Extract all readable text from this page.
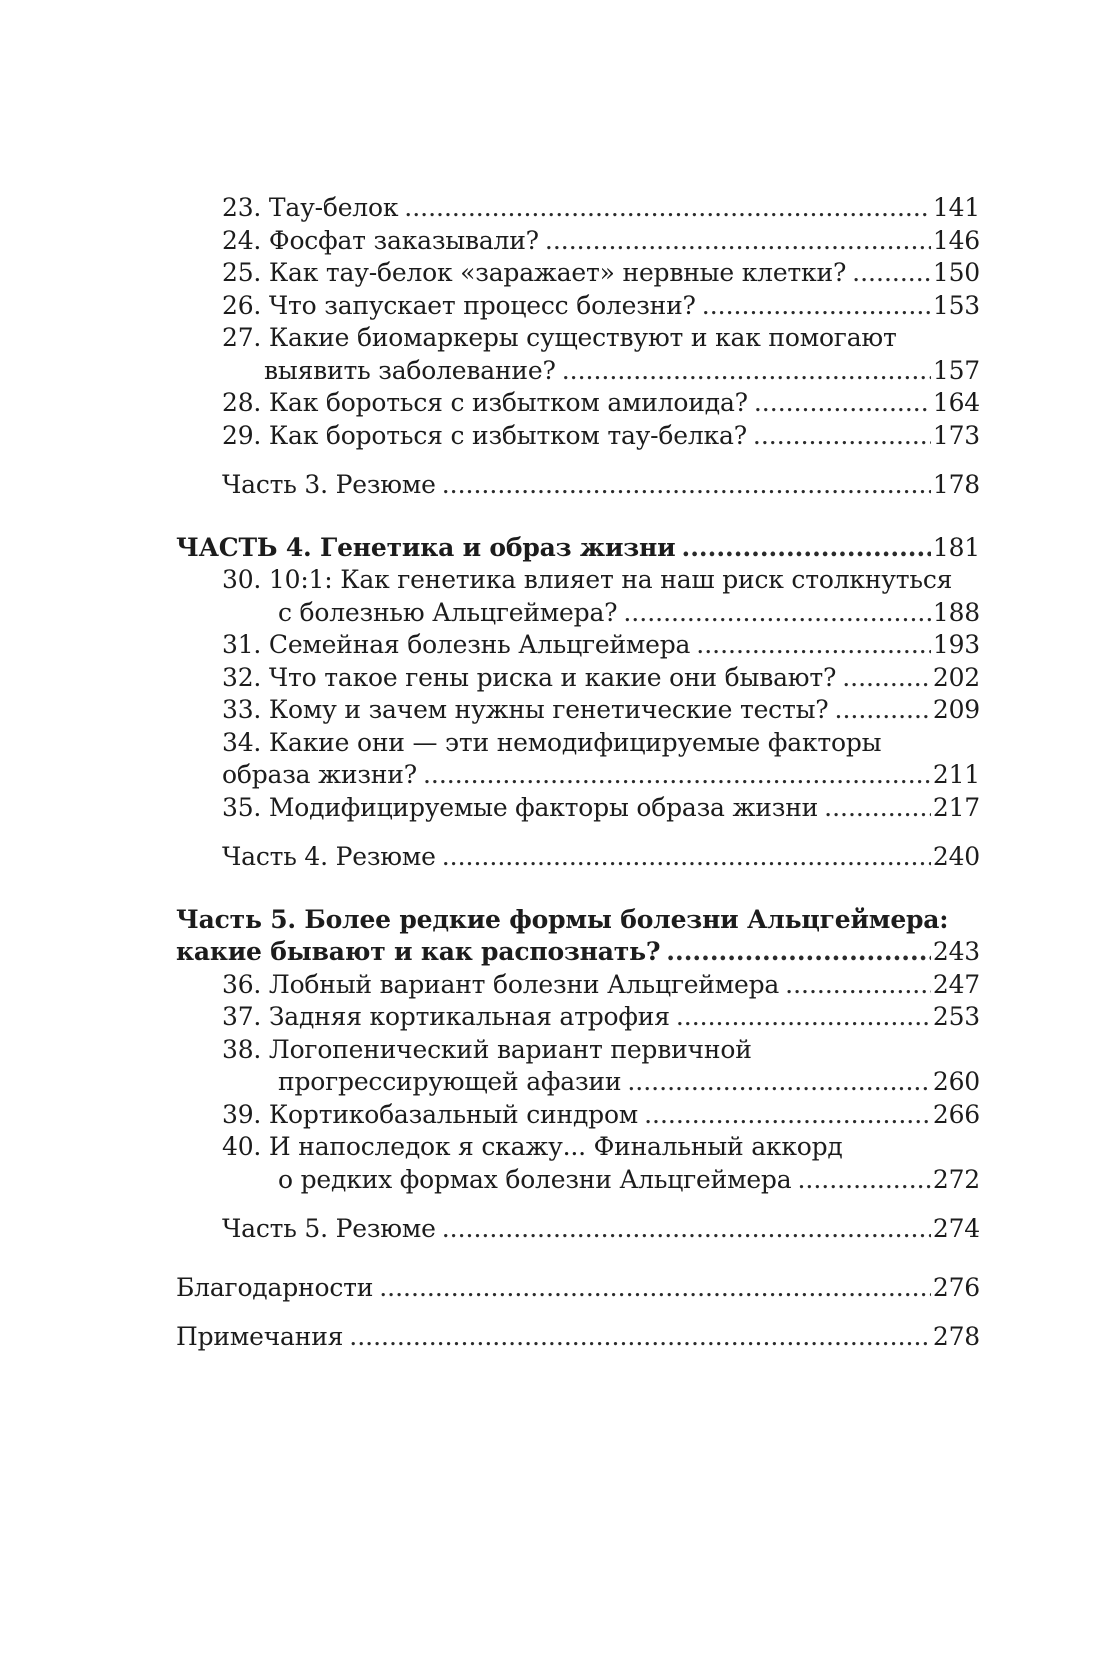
23. Тау-белок .....	141
24. Фосфат заказывали? .....	146
25. Как тау-белок «заражает» нервные клетки? .....	150
26. Что запускает процесс болезни? .....	153
27. Какие биомаркеры существуют и как помогают
выявить заболевание? .....	157
28. Как бороться с избытком амилоида? .....	164
29. Как бороться с избытком тау-белка? .....	173
Часть 3. Резюме .....	178
ЧАСТЬ 4. Генетика и образ жизни .....	181
30. 10:1: Как генетика влияет на наш риск столкнуться
с болезнью Альцгеймера? .....	188
31. Семейная болезнь Альцгеймера .....	193
32. Что такое гены риска и какие они бывают? .....	202
33. Кому и зачем нужны генетические тесты? .....	209
34. Какие они — эти немодифицируемые факторы
образа жизни? .....	211
35. Модифицируемые факторы образа жизни .....	217
Часть 4. Резюме .....	240
Часть 5. Более редкие формы болезни Альцгеймера:
какие бывают и как распознать? .....	243
36. Лобный вариант болезни Альцгеймера .....	247
37. Задняя кортикальная атрофия .....	253
38. Логопенический вариант первичной
прогрессирующей афазии .....	260
39. Кортикобазальный синдром .....	266
40. И напоследок я скажу... Финальный аккорд
о редких формах болезни Альцгеймера .....	272
Часть 5. Резюме .....	274
Благодарности .....	276
Примечания .....	278
